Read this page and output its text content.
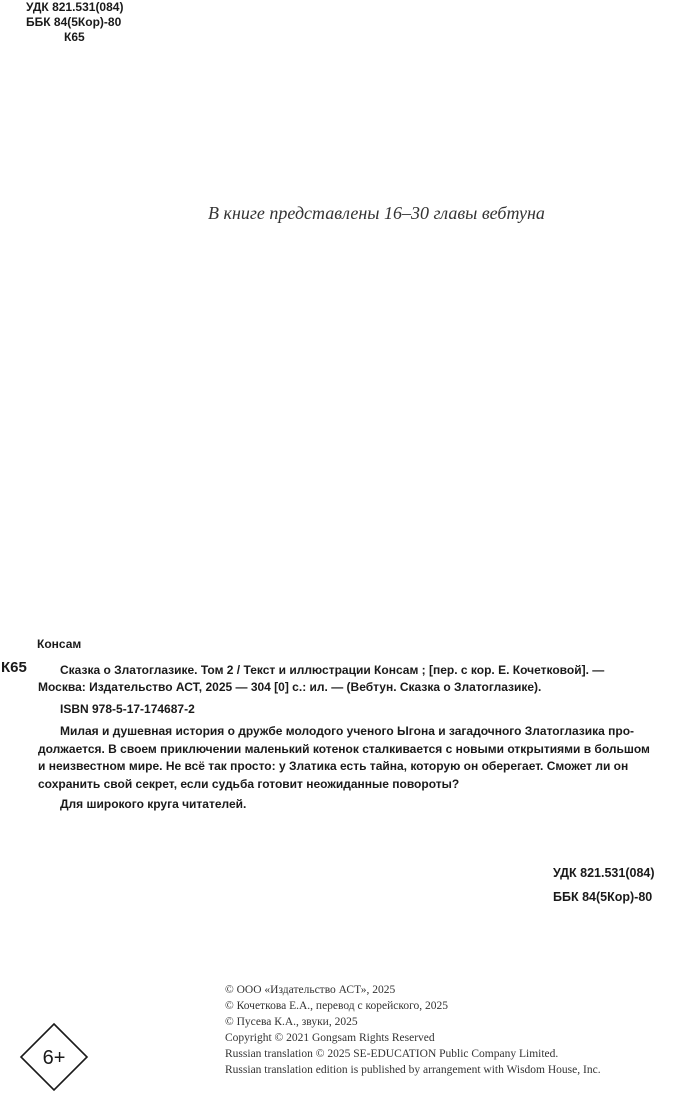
УДК 821.531(084)
ББК 84(5Кор)-80
К65
В книге представлены 16–30 главы вебтуна
Консам
К65	Сказка о Златоглазике. Том 2 / Текст и иллюстрации Консам ; [пер. с кор. Е. Кочетковой]. —
Москва: Издательство АСТ, 2025 — 304 [0] с.: ил. — (Вебтун. Сказка о Златоглазике).
ISBN 978-5-17-174687-2
Милая и душевная история о дружбе молодого ученого Ыгона и загадочного Златоглазика про-
должается. В своем приключении маленький котенок сталкивается с новыми открытиями в большом
и неизвестном мире. Не всё так просто: у Златика есть тайна, которую он оберегает. Сможет ли он
сохранить свой секрет, если судьба готовит неожиданные повороты?
Для широкого круга читателей.
УДК 821.531(084)
ББК 84(5Кор)-80
© ООО «Издательство АСТ», 2025
© Кочеткова Е.А., перевод с корейского, 2025
© Пусева К.А., звуки, 2025
Copyright © 2021 Gongsam Rights Reserved
Russian translation © 2025 SE-EDUCATION Public Company Limited.
Russian translation edition is published by arrangement with Wisdom House, Inc.
6+
